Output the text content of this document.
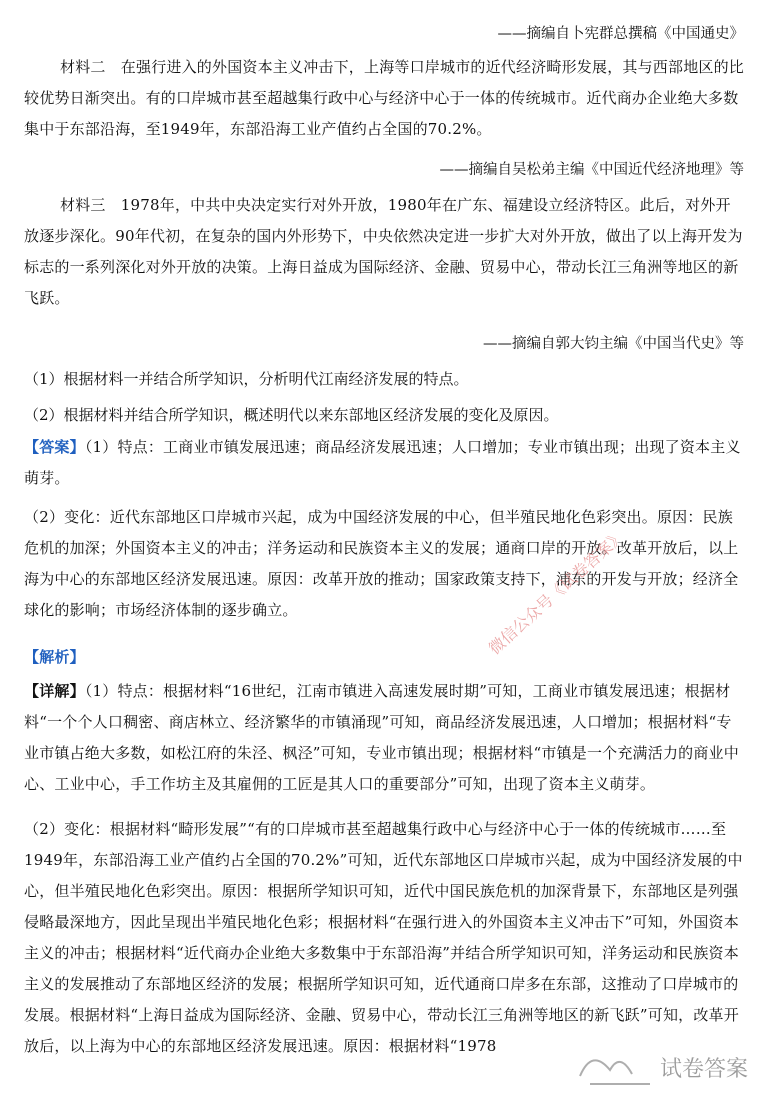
——摘编自卜宪群总撰稿《中国通史》
材料二　在强行进入的外国资本主义冲击下，上海等口岸城市的近代经济畸形发展，其与西部地区的比较优势日渐突出。有的口岸城市甚至超越集行政中心与经济中心于一体的传统城市。近代商办企业绝大多数集中于东部沿海，至1949年，东部沿海工业产值约占全国的70.2%。
——摘编自吴松弟主编《中国近代经济地理》等
材料三　1978年，中共中央决定实行对外开放，1980年在广东、福建设立经济特区。此后，对外开放逐步深化。90年代初，在复杂的国内外形势下，中央依然决定进一步扩大对外开放，做出了以上海开发为标志的一系列深化对外开放的决策。上海日益成为国际经济、金融、贸易中心，带动长江三角洲等地区的新飞跃。
——摘编自郭大钧主编《中国当代史》等
（1）根据材料一并结合所学知识，分析明代江南经济发展的特点。
（2）根据材料并结合所学知识，概述明代以来东部地区经济发展的变化及原因。
【答案】（1）特点：工商业市镇发展迅速；商品经济发展迅速；人口增加；专业市镇出现；出现了资本主义萌芽。
（2）变化：近代东部地区口岸城市兴起，成为中国经济发展的中心，但半殖民地化色彩突出。原因：民族危机的加深；外国资本主义的冲击；洋务运动和民族资本主义的发展；通商口岸的开放。改革开放后，以上海为中心的东部地区经济发展迅速。原因：改革开放的推动；国家政策支持下，浦东的开发与开放；经济全球化的影响；市场经济体制的逐步确立。
【解析】
【详解】（1）特点：根据材料“16世纪，江南市镇进入高速发展时期”可知，工商业市镇发展迅速；根据材料“一个个人口稠密、商店林立、经济繁华的市镇涌现”可知，商品经济发展迅速，人口增加；根据材料“专业市镇占绝大多数，如松江府的朱泾、枫泾”可知，专业市镇出现；根据材料“市镇是一个充满活力的商业中心、工业中心，手工作坊主及其雇佣的工匠是其人口的重要部分”可知，出现了资本主义萌芽。
（2）变化：根据材料“畸形发展”“有的口岸城市甚至超越集行政中心与经济中心于一体的传统城市……至1949年，东部沿海工业产值约占全国的70.2%”可知，近代东部地区口岸城市兴起，成为中国经济发展的中心，但半殖民地化色彩突出。原因：根据所学知识可知，近代中国民族危机的加深背景下，东部地区是列强侵略最深地方，因此呈现出半殖民地化色彩；根据材料“在强行进入的外国资本主义冲击下”可知，外国资本主义的冲击；根据材料“近代商办企业绝大多数集中于东部沿海”并结合所学知识可知，洋务运动和民族资本主义的发展推动了东部地区经济的发展；根据所学知识可知，近代通商口岸多在东部，这推动了口岸城市的发展。根据材料“上海日益成为国际经济、金融、贸易中心，带动长江三角洲等地区的新飞跃”可知，改革开放后，以上海为中心的东部地区经济发展迅速。原因：根据材料“1978
微信公众号《试卷答案》
试卷答案
